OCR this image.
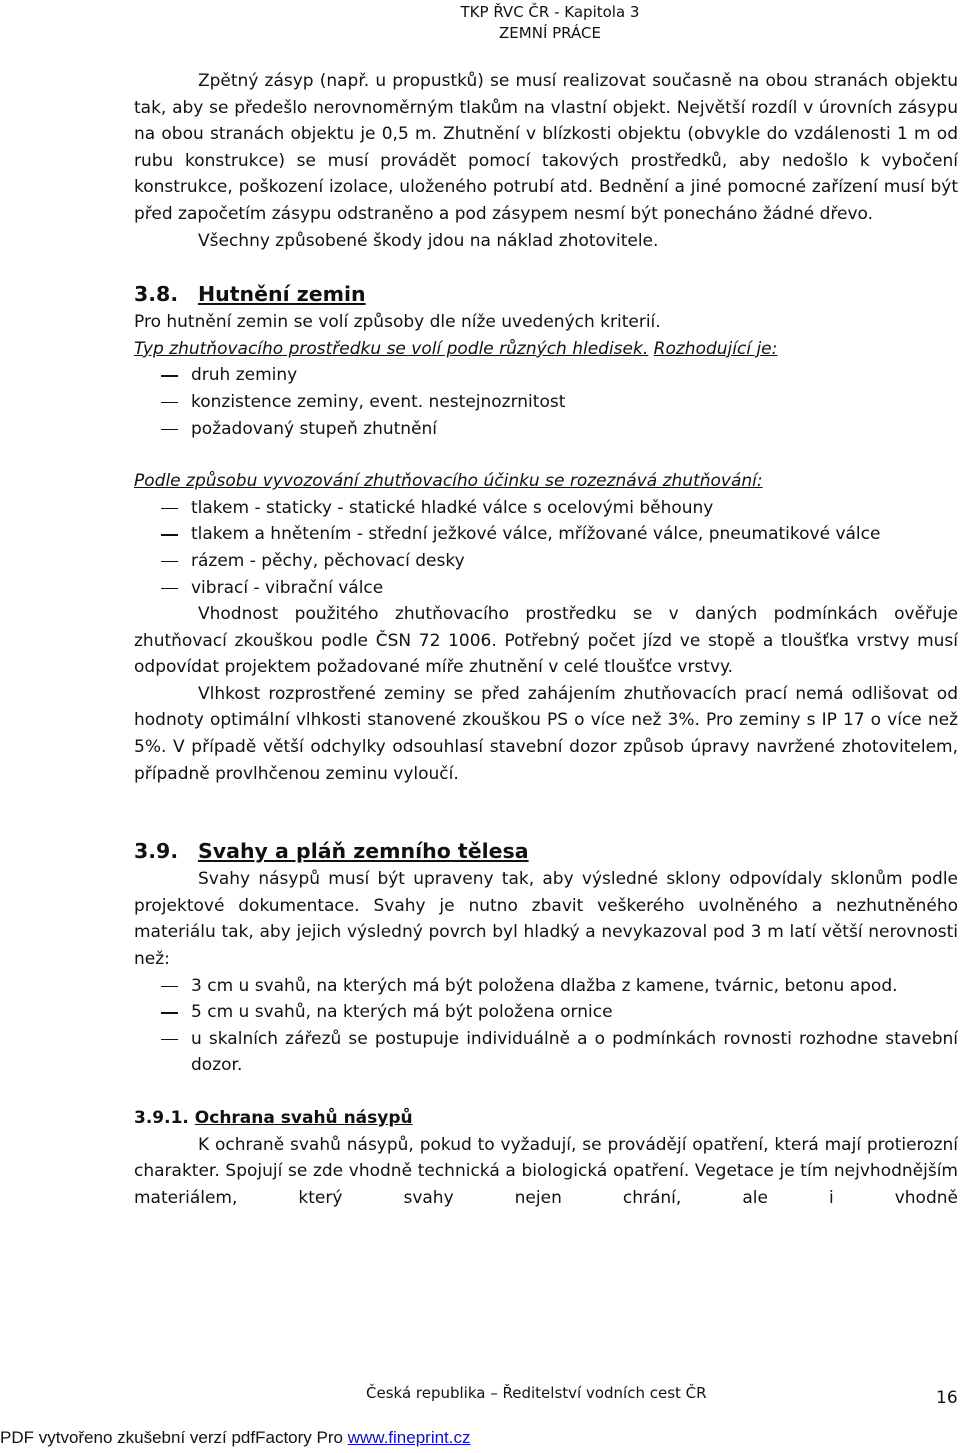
TKP ŘVC ČR - Kapitola 3
ZEMNÍ PRÁCE

Zpětný zásyp (např. u propustků) se musí realizovat současně na obou stranách objektu tak, aby se předešlo nerovnoměrným tlakům na vlastní objekt. Největší rozdíl v úrovních zásypu na obou stranách objektu je 0,5 m. Zhutnění v blízkosti objektu (obvykle do vzdálenosti 1 m od rubu konstrukce) se musí provádět pomocí takových prostředků, aby nedošlo k vybočení konstrukce, poškození izolace, uloženého potrubí atd. Bednění a jiné pomocné zařízení musí být před započetím zásypu odstraněno a pod zásypem nesmí být ponecháno žádné dřevo.

Všechny způsobené škody jdou na náklad zhotovitele.

3.8. Hutnění zemin

Pro hutnění zemin se volí způsoby dle níže uvedených kriterií.

Typ zhutňovacího prostředku se volí podle různých hledisek. Rozhodující je:

druh zeminy
konzistence zeminy, event. nestejnozrnitost
požadovaný stupeň zhutnění

Podle způsobu vyvozování zhutňovacího účinku se rozeznává zhutňování:

tlakem - staticky - statické hladké válce s ocelovými běhouny
tlakem a hnětením - střední ježkové válce, mřížované válce, pneumatikové válce
rázem - pěchy, pěchovací desky
vibrací - vibrační válce

Vhodnost použitého zhutňovacího prostředku se v daných podmínkách ověřuje zhutňovací zkouškou podle ČSN 72 1006. Potřebný počet jízd ve stopě a tloušťka vrstvy musí odpovídat projektem požadované míře zhutnění v celé tloušťce vrstvy.

Vlhkost rozprostřené zeminy se před zahájením zhutňovacích prací nemá odlišovat od hodnoty optimální vlhkosti stanovené zkouškou PS o více než 3%. Pro zeminy s IP 17 o více než 5%. V případě větší odchylky odsouhlasí stavební dozor způsob úpravy navržené zhotovitelem, případně provlhčenou zeminu vyloučí.

3.9. Svahy a pláň zemního tělesa

Svahy násypů musí být upraveny tak, aby výsledné sklony odpovídaly sklonům podle projektové dokumentace. Svahy je nutno zbavit veškerého uvolněného a nezhutněného materiálu tak, aby jejich výsledný povrch byl hladký a nevykazoval pod 3 m latí větší nerovnosti než:

3 cm u svahů, na kterých má být položena dlažba z kamene, tvárnic, betonu apod.
5 cm u svahů, na kterých má být položena ornice
u skalních zářezů se postupuje individuálně a o podmínkách rovnosti rozhodne stavební dozor.
3.9.1. Ochrana svahů násypů

K ochraně svahů násypů, pokud to vyžadují, se provádějí opatření, která mají protierozní charakter. Spojují se zde vhodně technická a biologická opatření. Vegetace je tím nejvhodnějším materiálem, který svahy nejen chrání, ale i vhodně

Česká republika – Ředitelství vodních cest ČR	16
PDF vytvořeno zkušební verzí pdfFactory Pro www.fineprint.cz
